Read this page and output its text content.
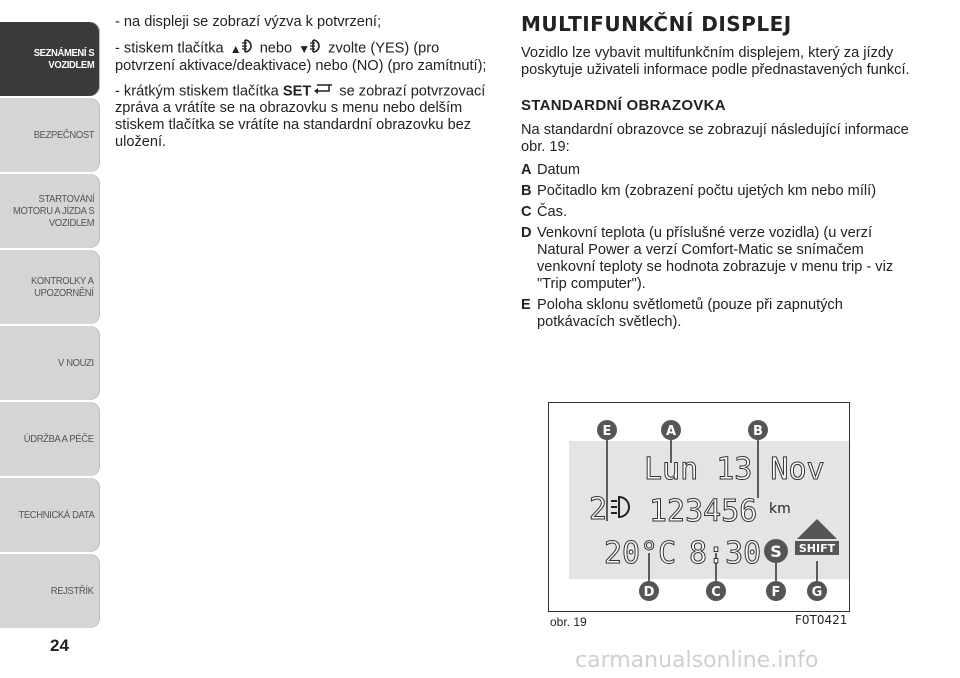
SEZNÁMENÍ S
VOZIDLEM
BEZPEČNOST
STARTOVÁNÍ
MOTORU A JÍZDA S
VOZIDLEM
KONTROLKY A
UPOZORNĚNÍ
V NOUZI
ÚDRŽBA A PÉČE
TECHNICKÁ DATA
REJSTŘÍK
24

- na displeji se zobrazí výzva k potvrzení;

- stiskem tlačítka ▲ nebo ▼ zvolte (YES) (pro potvrzení aktivace/deaktivace) nebo (NO) (pro zamítnutí);

- krátkým stiskem tlačítka SET se zobrazí potvrzovací zpráva a vrátíte se na obrazovku s menu nebo delším stiskem tlačítka se vrátíte na standardní obrazovku bez uložení.

MULTIFUNKČNÍ DISPLEJ

Vozidlo lze vybavit multifunkčním displejem, který za jízdy poskytuje uživateli informace podle přednastavených funkcí.

STANDARDNÍ OBRAZOVKA

Na standardní obrazovce se zobrazují následující informace obr. 19:

A Datum
B Počitadlo km (zobrazení počtu ujetých km nebo mílí)
C Čas.
D Venkovní teplota (u příslušné verze vozidla) (u verzí Natural Power a verzí Comfort-Matic se snímačem venkovní teploty se hodnota zobrazuje v menu trip - viz "Trip computer").
E Poloha sklonu světlometů (pouze při zapnutých potkávacích světlech).
Lun 13 Nov
2 123456 km
20°C 8:30 S SHIFT
E	A	B
D	C	F G
obr. 19	F0T0421
carmanualsonline.info
